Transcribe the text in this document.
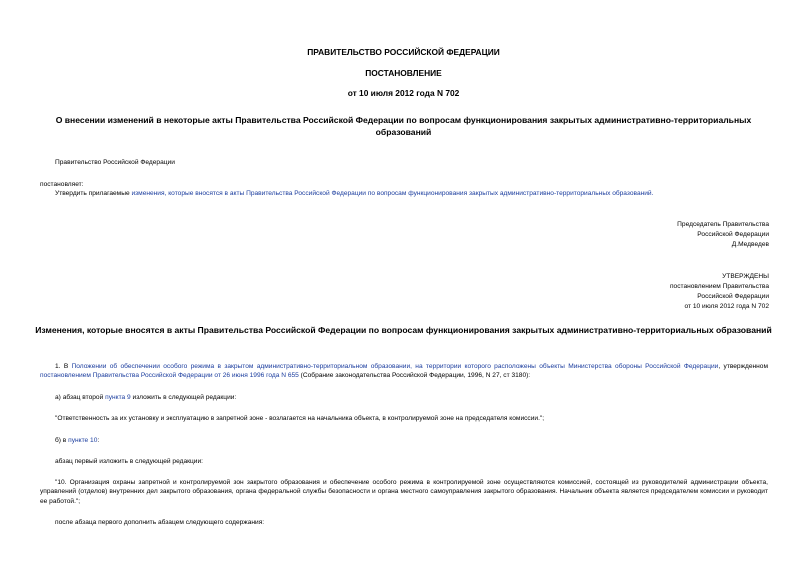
ПРАВИТЕЛЬСТВО РОССИЙСКОЙ ФЕДЕРАЦИИ
ПОСТАНОВЛЕНИЕ
от 10 июля 2012 года N 702
О внесении изменений в некоторые акты Правительства Российской Федерации по вопросам функционирования закрытых административно-территориальных образований
Правительство Российской Федерации
постановляет:
Утвердить прилагаемые изменения, которые вносятся в акты Правительства Российской Федерации по вопросам функционирования закрытых административно-территориальных образований.
Председатель Правительства
Российской Федерации
Д.Медведев
УТВЕРЖДЕНЫ
постановлением Правительства
Российской Федерации
от 10 июля 2012 года N 702
Изменения, которые вносятся в акты Правительства Российской Федерации по вопросам функционирования закрытых административно-территориальных образований
1. В Положении об обеспечении особого режима в закрытом административно-территориальном образовании, на территории которого расположены объекты Министерства обороны Российской Федерации, утвержденном постановлением Правительства Российской Федерации от 26 июня 1996 года N 655 (Собрание законодательства Российской Федерации, 1996, N 27, ст 3180):
а) абзац второй пункта 9 изложить в следующей редакции:
"Ответственность за их установку и эксплуатацию в запретной зоне - возлагается на начальника объекта, в контролируемой зоне на председателя комиссии.";
б) в пункте 10:
абзац первый изложить в следующей редакции:
"10. Организация охраны запретной и контролируемой зон закрытого образования и обеспечение особого режима в контролируемой зоне осуществляются комиссией, состоящей из руководителей администрации объекта, управлений (отделов) внутренних дел закрытого образования, органа федеральной службы безопасности и органа местного самоуправления закрытого образования. Начальник объекта является председателем комиссии и руководит ее работой.";
после абзаца первого дополнить абзацем следующего содержания:
